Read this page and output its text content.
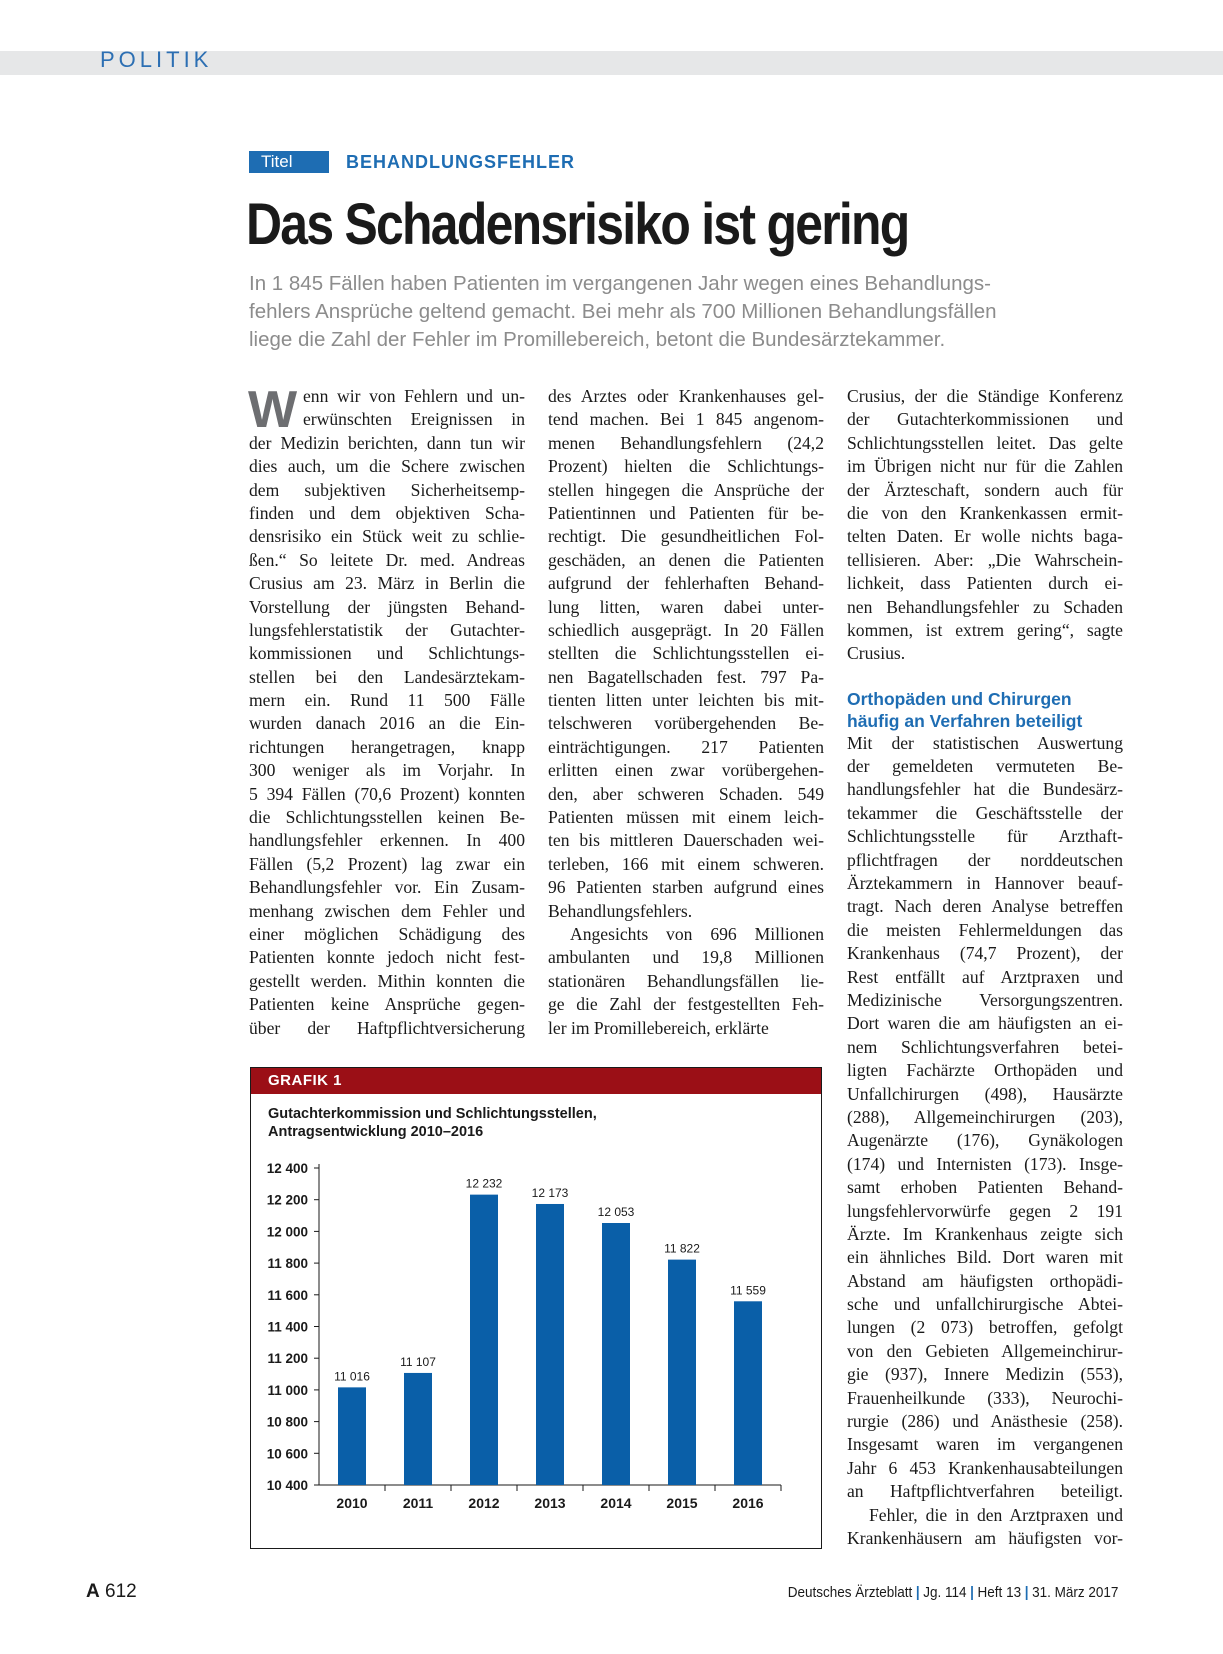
POLITIK
Titel	BEHANDLUNGSFEHLER
Das Schadensrisiko ist gering
In 1 845 Fällen haben Patienten im vergangenen Jahr wegen eines Behandlungs-
fehlers Ansprüche geltend gemacht. Bei mehr als 700 Millionen Behandlungsfällen
liege die Zahl der Fehler im Promillebereich, betont die Bundesärztekammer.
W enn wir von Fehlern und un-
erwünschten Ereignissen in
der Medizin berichten, dann tun wir
dies auch, um die Schere zwischen
dem subjektiven Sicherheitsemp-
finden und dem objektiven Scha-
densrisiko ein Stück weit zu schlie-
ßen.“ So leitete Dr. med. Andreas
Crusius am 23. März in Berlin die
Vorstellung der jüngsten Behand-
lungsfehlerstatistik der Gutachter-
kommissionen und Schlichtungs-
stellen bei den Landesärztekam-
mern ein. Rund 11 500 Fälle
wurden danach 2016 an die Ein-
richtungen herangetragen, knapp
300 weniger als im Vorjahr. In
5 394 Fällen (70,6 Prozent) konnten
die Schlichtungsstellen keinen Be-
handlungsfehler erkennen. In 400
Fällen (5,2 Prozent) lag zwar ein
Behandlungsfehler vor. Ein Zusam-
menhang zwischen dem Fehler und
einer möglichen Schädigung des
Patienten konnte jedoch nicht fest-
gestellt werden. Mithin konnten die
Patienten keine Ansprüche gegen-
über der Haftpflichtversicherung
des Arztes oder Krankenhauses gel-
tend machen. Bei 1 845 angenom-
menen Behandlungsfehlern (24,2
Prozent) hielten die Schlichtungs-
stellen hingegen die Ansprüche der
Patientinnen und Patienten für be-
rechtigt. Die gesundheitlichen Fol-
geschäden, an denen die Patienten
aufgrund der fehlerhaften Behand-
lung litten, waren dabei unter-
schiedlich ausgeprägt. In 20 Fällen
stellten die Schlichtungsstellen ei-
nen Bagatellschaden fest. 797 Pa-
tienten litten unter leichten bis mit-
telschweren vorübergehenden Be-
einträchtigungen. 217 Patienten
erlitten einen zwar vorübergehen-
den, aber schweren Schaden. 549
Patienten müssen mit einem leich-
ten bis mittleren Dauerschaden wei-
terleben, 166 mit einem schweren.
96 Patienten starben aufgrund eines
Behandlungsfehlers.
Angesichts von 696 Millionen
ambulanten und 19,8 Millionen
stationären Behandlungsfällen lie-
ge die Zahl der festgestellten Feh-
ler im Promillebereich, erklärte
Crusius, der die Ständige Konferenz
der Gutachterkommissionen und
Schlichtungsstellen leitet. Das gelte
im Übrigen nicht nur für die Zahlen
der Ärzteschaft, sondern auch für
die von den Krankenkassen ermit-
telten Daten. Er wolle nichts baga-
tellisieren. Aber: „Die Wahrschein-
lichkeit, dass Patienten durch ei-
nen Behandlungsfehler zu Schaden
kommen, ist extrem gering“, sagte
Crusius.
Orthopäden und Chirurgen
häufig an Verfahren beteiligt
Mit der statistischen Auswertung
der gemeldeten vermuteten Be-
handlungsfehler hat die Bundesärz-
tekammer die Geschäftsstelle der
Schlichtungsstelle für Arzthaft-
pflichtfragen der norddeutschen
Ärztekammern in Hannover beauf-
tragt. Nach deren Analyse betreffen
die meisten Fehlermeldungen das
Krankenhaus (74,7 Prozent), der
Rest entfällt auf Arztpraxen und
Medizinische Versorgungszentren.
Dort waren die am häufigsten an ei-
nem Schlichtungsverfahren betei-
ligten Fachärzte Orthopäden und
Unfallchirurgen (498), Hausärzte
(288), Allgemeinchirurgen (203),
Augenärzte (176), Gynäkologen
(174) und Internisten (173). Insge-
samt erhoben Patienten Behand-
lungsfehlervorwürfe gegen 2 191
Ärzte. Im Krankenhaus zeigte sich
ein ähnliches Bild. Dort waren mit
Abstand am häufigsten orthopädi-
sche und unfallchirurgische Abtei-
lungen (2 073) betroffen, gefolgt
von den Gebieten Allgemeinchirur-
gie (937), Innere Medizin (553),
Frauenheilkunde (333), Neurochi-
rurgie (286) und Anästhesie (258).
Insgesamt waren im vergangenen
Jahr 6 453 Krankenhausabteilungen
an Haftpflichtverfahren beteiligt.
Fehler, die in den Arztpraxen und
Krankenhäusern am häufigsten vor-
GRAFIK 1
Gutachterkommission und Schlichtungsstellen, Antragsentwicklung 2010–2016
12 400
12 200
12 000
11 800
11 600
11 400
11 200
11 000
10 800
10 600
10 400
11 016
2010
11 107
2011
12 232
2012
12 173
2013
12 053
2014
11 822
2015
11 559
2016
A 612	Deutsches Ärzteblatt | Jg. 114 | Heft 13 | 31. März 2017
